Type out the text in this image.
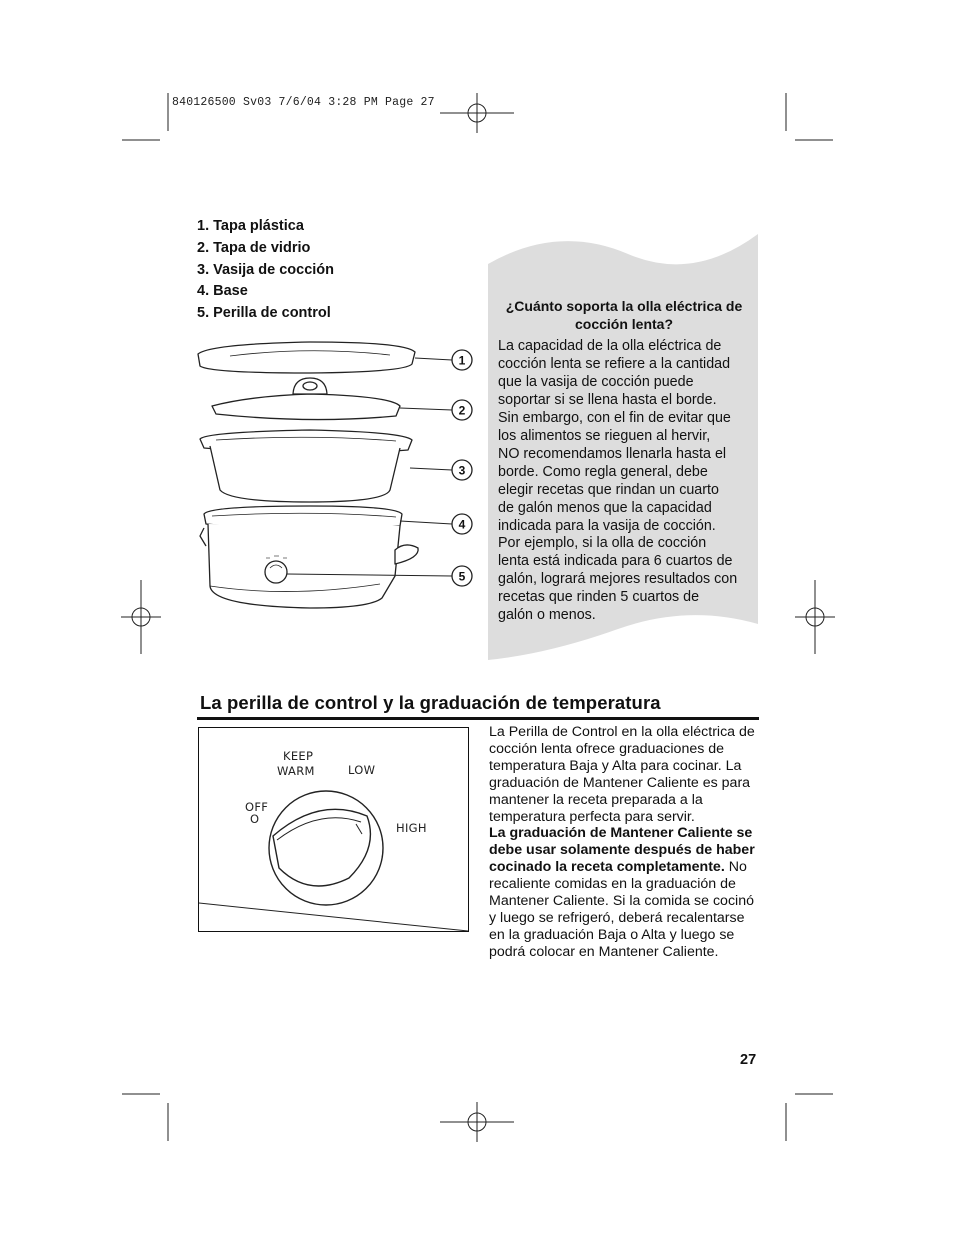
840126500 Sv03 7/6/04 3:28 PM Page 27
1. Tapa plástica
2. Tapa de vidrio
3. Vasija de cocción
4. Base
5. Perilla de control
1
2
3
4
5
¿Cuánto soporta la olla eléctrica de cocción lenta?
La capacidad de la olla eléctrica de
cocción lenta se refiere a la cantidad
que la vasija de cocción puede
soportar si se llena hasta el borde.
Sin embargo, con el fin de evitar que
los alimentos se rieguen al hervir,
NO recomendamos llenarla hasta el
borde. Como regla general, debe
elegir recetas que rindan un cuarto
de galón menos que la capacidad
indicada para la vasija de cocción.
Por ejemplo, si la olla de cocción
lenta está indicada para 6 cuartos de
galón, logrará mejores resultados con
recetas que rinden 5 cuartos de
galón o menos.
La perilla de control y la graduación de temperatura
KEEP
WARM	LOW
OFF
O
HIGH

La Perilla de Control en la olla eléctrica de cocción lenta ofrece graduaciones de temperatura Baja y Alta para cocinar. La graduación de Mantener Caliente es para mantener la receta preparada a la temperatura perfecta para servir.

La graduación de Mantener Caliente se debe usar solamente después de haber cocinado la receta completamente. No recaliente comidas en la graduación de Mantener Caliente. Si la comida se cocinó y luego se refrigeró, deberá recalentarse en la graduación Baja o Alta y luego se podrá colocar en Mantener Caliente.

27
